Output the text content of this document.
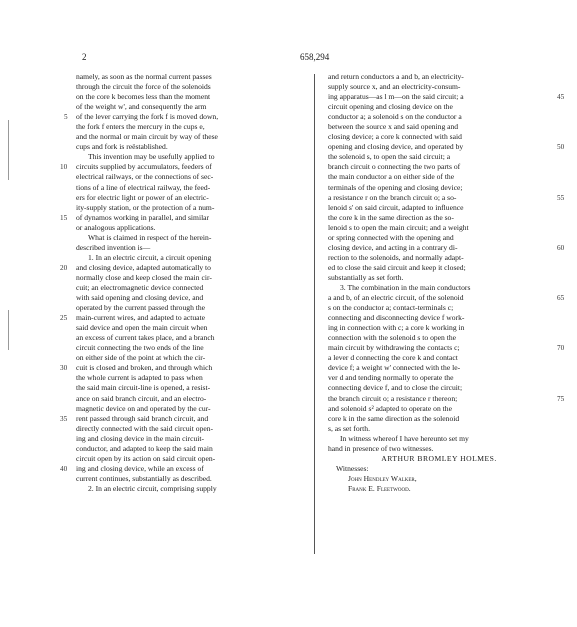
2	658,294
namely, as soon as the normal current passes
through the circuit the force of the solenoids
on the core k becomes less than the moment
of the weight w', and consequently the arm
of the lever carrying the fork f is moved down,
the fork f enters the mercury in the cups e,
and the normal or main circuit by way of these
cups and fork is reëstablished.
This invention may be usefully applied to
circuits supplied by accumulators, feeders of
electrical railways, or the connections of sec-
tions of a line of electrical railway, the feed-
ers for electric light or power of an electric-
ity-supply station, or the protection of a num-
of dynamos working in parallel, and similar
or analogous applications.
What is claimed in respect of the herein-
described invention is—
1. In an electric circuit, a circuit opening
and closing device, adapted automatically to
normally close and keep closed the main cir-
cuit; an electromagnetic device connected
with said opening and closing device, and
operated by the current passed through the
main-current wires, and adapted to actuate
said device and open the main circuit when
an excess of current takes place, and a branch
circuit connecting the two ends of the line
on either side of the point at which the cir-
cuit is closed and broken, and through which
the whole current is adapted to pass when
the said main circuit-line is opened, a resist-
ance on said branch circuit, and an electro-
magnetic device on and operated by the cur-
rent passed through said branch circuit, and
directly connected with the said circuit open-
ing and closing device in the main circuit-
conductor, and adapted to keep the said main
circuit open by its action on said circuit open-
ing and closing device, while an excess of
current continues, substantially as described.
2. In an electric circuit, comprising supply
and return conductors a and b, an electricity-
supply source x, and an electricity-consum-
ing apparatus—as l m—on the said circuit; a
circuit opening and closing device on the
conductor a; a solenoid s on the conductor a
between the source x and said opening and
closing device; a core k connected with said
opening and closing device, and operated by
the solenoid s, to open the said circuit; a
branch circuit o connecting the two parts of
the main conductor a on either side of the
terminals of the opening and closing device;
a resistance r on the branch circuit o; a so-
lenoid s' on said circuit, adapted to influence
the core k in the same direction as the so-
lenoid s to open the main circuit; and a weight
or spring connected with the opening and
closing device, and acting in a contrary di-
rection to the solenoids, and normally adapt-
ed to close the said circuit and keep it closed;
substantially as set forth.
3. The combination in the main conductors
a and b, of an electric circuit, of the solenoid
s on the conductor a; contact-terminals c;
connecting and disconnecting device f work-
ing in connection with c; a core k working in
connection with the solenoid s to open the
main circuit by withdrawing the contacts c;
a lever d connecting the core k and contact
device f; a weight w' connected with the le-
ver d and tending normally to operate the
connecting device f, and to close the circuit;
the branch circuit o; a resistance r thereon;
and solenoid s² adapted to operate on the
core k in the same direction as the solenoid
s, as set forth.
In witness whereof I have hereunto set my
hand in presence of two witnesses.
ARTHUR BROMLEY HOLMES.
Witnesses:
John Hendley Walker,
Frank E. Fleetwood.
5
10
15
20
25
30
35
40
45
50
55
60
65
70
75
